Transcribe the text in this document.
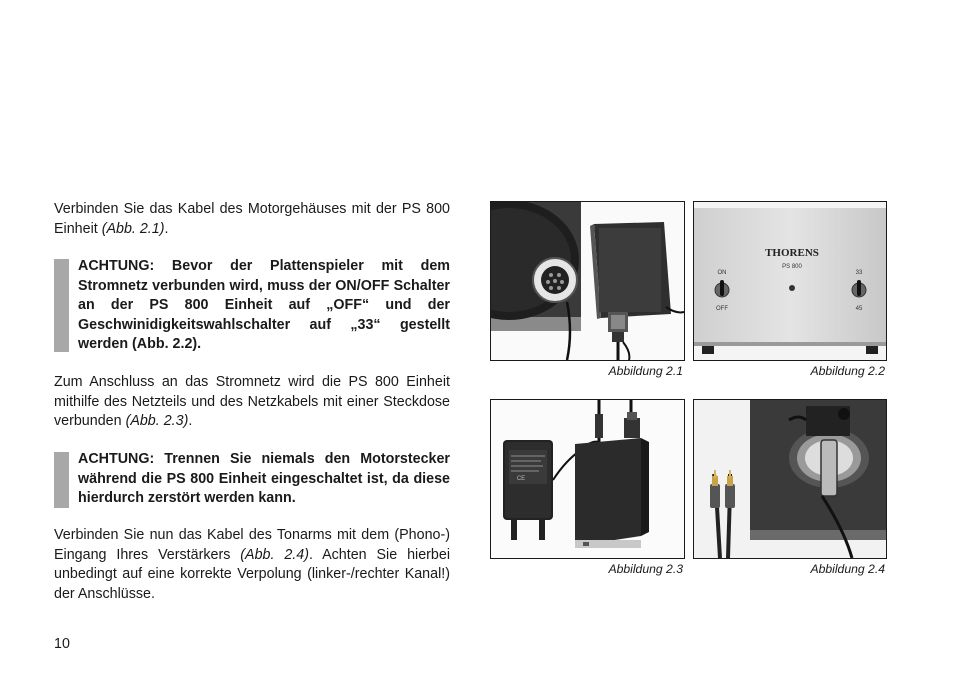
Verbinden Sie das Kabel des Motorgehäuses mit der PS 800 Einheit (Abb. 2.1).
ACHTUNG: Bevor der Plattenspieler mit dem Stromnetz verbunden wird, muss der ON/OFF Schalter an der PS 800 Einheit auf „OFF“ und der Geschwinidigkeitswahlschalter auf „33“ gestellt werden (Abb. 2.2).
Zum Anschluss an das Stromnetz wird die PS 800 Einheit mithilfe des Netzteils und des Netzkabels mit einer Steckdose verbunden (Abb. 2.3).
ACHTUNG: Trennen Sie niemals den Motorstecker während die PS 800 Einheit eingeschaltet ist, da diese hierdurch zerstört werden kann.
Verbinden Sie nun das Kabel des Tonarms mit dem (Phono-) Eingang Ihres Verstärkers (Abb. 2.4). Achten Sie hierbei unbedingt auf eine korrekte Verpolung (linker-/rechter Kanal!) der Anschlüsse.
Abbildung 2.1
THORENS
PS 800
ON
OFF
33
45
Abbildung 2.2
CE
Abbildung 2.3	Abbildung 2.4
10
